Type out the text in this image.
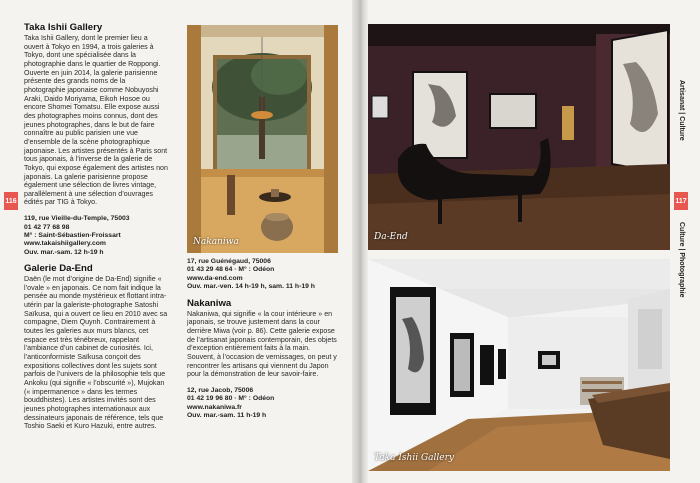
Taka Ishii Gallery

Taka Ishii Gallery, dont le premier lieu a ouvert à Tokyo en 1994, a trois galeries à Tokyo, dont une spécialisée dans la photographie dans le quartier de Roppongi. Ouverte en juin 2014, la galerie parisienne présente des grands noms de la photographie japonaise comme Nobuyoshi Araki, Daido Moriyama, Eikoh Hosoe ou encore Shomei Tomatsu. Elle expose aussi des photographes moins connus, dont des jeunes photographes, dans le but de faire connaître au public parisien une vue d’ensemble de la scène photographique japonaise. Les artistes présentés à Paris sont tous japonais, à l’inverse de la galerie de Tokyo, qui expose également des artistes non japonais. La galerie parisienne propose également une sélection de livres vintage, parallèlement à une sélection d’ouvrages édités par TIG à Tokyo.

119, rue Vieille-du-Temple, 75003
01 42 77 68 98
M° : Saint-Sébastien-Froissart
www.takaishiigallery.com
Ouv. mar.-sam. 12 h-19 h
Galerie Da-End

Daën (le mot d’origine de Da-End) signifie « l’ovale » en japonais. Ce nom fait indique la pensée au monde mystérieux et flottant intra-utérin par la galeriste-photographe Satoshi Saïkusa, qui a ouvert ce lieu en 2010 avec sa compagne, Diem Quynh. Contrairement à toutes les galeries aux murs blancs, cet espace est très ténébreux, rappelant l’ambiance d’un cabinet de curiosités. Ici, l’anticonformiste Saïkusa conçoit des expositions collectives dont les sujets sont parfois de l’univers de la philosophie tels que Ankoku (qui signifie « l’obscurité »), Mujokan (« impermanence » dans les termes bouddhistes). Les artistes invités sont des jeunes photographes internationaux aux dessinateurs japonais de référence, tels que Toshio Saeki et Kuro Hazuki, entre autres.

116
Nakaniwa
17, rue Guénégaud, 75006
01 43 29 48 64 · M° : Odéon
www.da-end.com
Ouv. mar.-ven. 14 h-19 h, sam. 11 h-19 h
Nakaniwa

Nakaniwa, qui signifie « la cour intérieure » en japonais, se trouve justement dans la cour derrière Miwa (voir p. 86). Cette galerie expose de l’artisanat japonais contemporain, des objets d’exception entièrement faits à la main. Souvent, à l’occasion de vernissages, on peut y rencontrer les artisans qui viennent du Japon pour la démonstration de leur savoir-faire.

12, rue Jacob, 75006
01 42 19 96 80 · M° : Odéon
www.nakaniwa.fr
Ouv. mar.-sam. 11 h-19 h
Da-End
Taka Ishii Gallery
117
Artisanat | Culture
Culture | Photographie
